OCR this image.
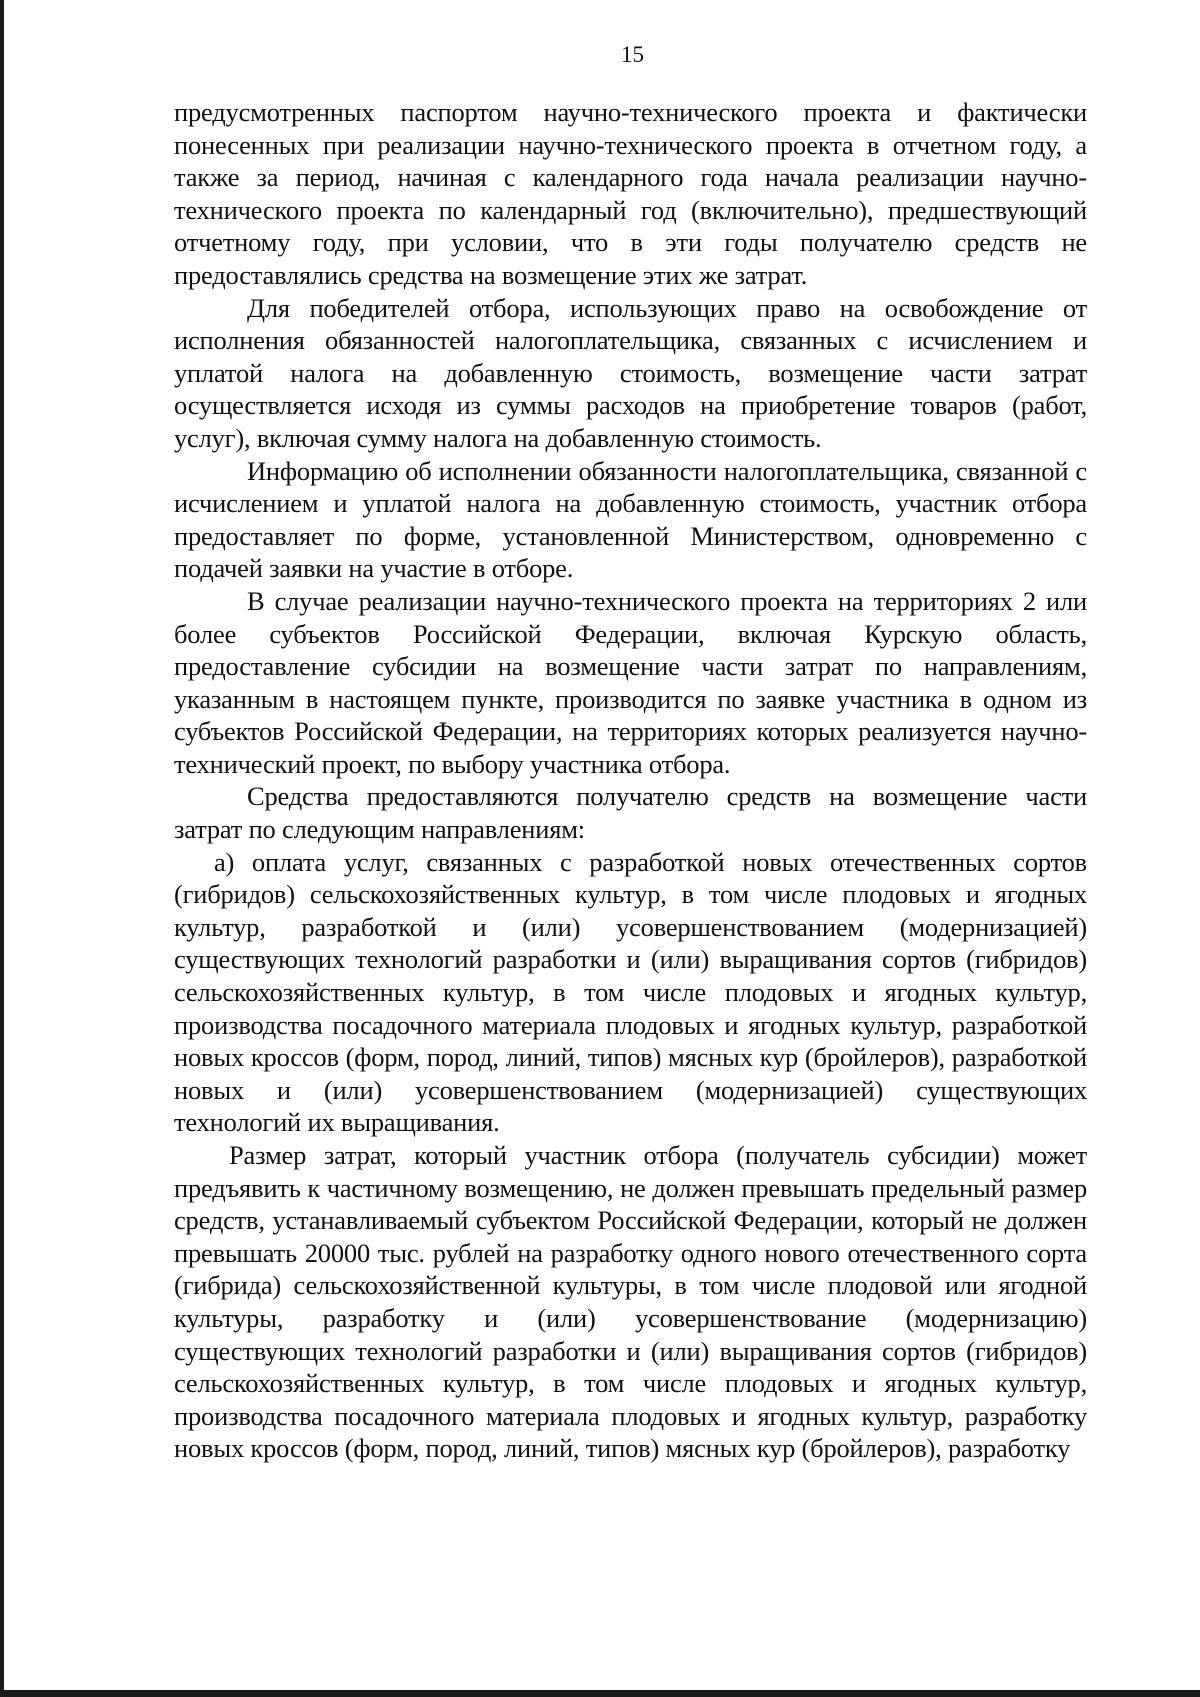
15

предусмотренных паспортом научно-технического проекта и фактически понесенных при реализации научно-технического проекта в отчетном году, а также за период, начиная с календарного года начала реализации научно-технического проекта по календарный год (включительно), предшествующий отчетному году, при условии, что в эти годы получателю средств не предоставлялись средства на возмещение этих же затрат.

Для победителей отбора, использующих право на освобождение от исполнения обязанностей налогоплательщика, связанных с исчислением и уплатой налога на добавленную стоимость, возмещение части затрат осуществляется исходя из суммы расходов на приобретение товаров (работ, услуг), включая сумму налога на добавленную стоимость.

Информацию об исполнении обязанности налогоплательщика, связанной с исчислением и уплатой налога на добавленную стоимость, участник отбора предоставляет по форме, установленной Министерством, одновременно с подачей заявки на участие в отборе.

В случае реализации научно-технического проекта на территориях 2 или более субъектов Российской Федерации, включая Курскую область, предоставление субсидии на возмещение части затрат по направлениям, указанным в настоящем пункте, производится по заявке участника в одном из субъектов Российской Федерации, на территориях которых реализуется научно-технический проект, по выбору участника отбора.

Средства предоставляются получателю средств на возмещение части затрат по следующим направлениям:

а) оплата услуг, связанных с разработкой новых отечественных сортов (гибридов) сельскохозяйственных культур, в том числе плодовых и ягодных культур, разработкой и (или) усовершенствованием (модернизацией) существующих технологий разработки и (или) выращивания сортов (гибридов) сельскохозяйственных культур, в том числе плодовых и ягодных культур, производства посадочного материала плодовых и ягодных культур, разработкой новых кроссов (форм, пород, линий, типов) мясных кур (бройлеров), разработкой новых и (или) усовершенствованием (модернизацией) существующих технологий их выращивания.

Размер затрат, который участник отбора (получатель субсидии) может предъявить к частичному возмещению, не должен превышать предельный размер средств, устанавливаемый субъектом Российской Федерации, который не должен превышать 20000 тыс. рублей на разработку одного нового отечественного сорта (гибрида) сельскохозяйственной культуры, в том числе плодовой или ягодной культуры, разработку и (или) усовершенствование (модернизацию) существующих технологий разработки и (или) выращивания сортов (гибридов) сельскохозяйственных культур, в том числе плодовых и ягодных культур, производства посадочного материала плодовых и ягодных культур, разработку новых кроссов (форм, пород, линий, типов) мясных кур (бройлеров), разработку
